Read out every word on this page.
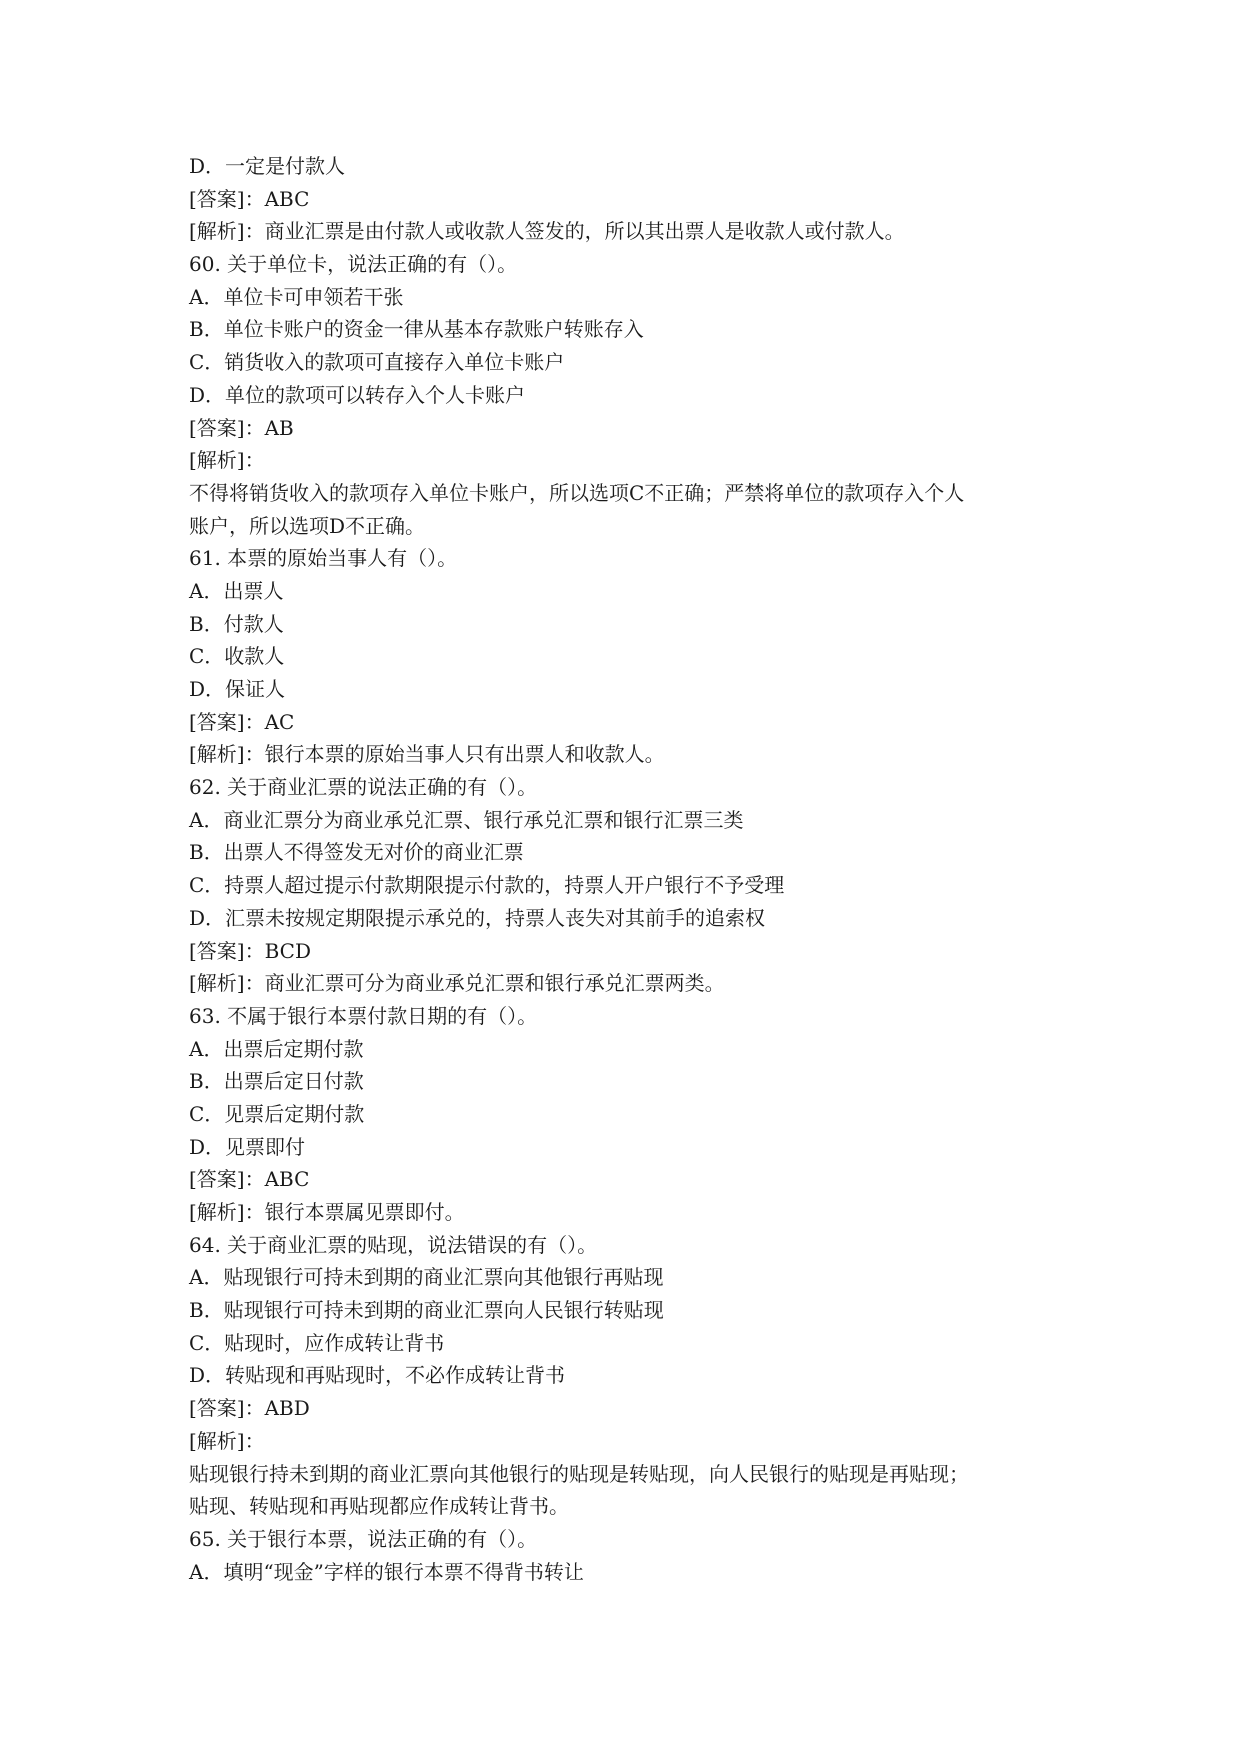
D．一定是付款人
[答案]：ABC
[解析]：商业汇票是由付款人或收款人签发的，所以其出票人是收款人或付款人。
60. 关于单位卡，说法正确的有（）。
A．单位卡可申领若干张
B．单位卡账户的资金一律从基本存款账户转账存入
C．销货收入的款项可直接存入单位卡账户
D．单位的款项可以转存入个人卡账户
[答案]：AB
[解析]：
不得将销货收入的款项存入单位卡账户，所以选项C不正确；严禁将单位的款项存入个人
账户，所以选项D不正确。
61. 本票的原始当事人有（）。
A．出票人
B．付款人
C．收款人
D．保证人
[答案]：AC
[解析]：银行本票的原始当事人只有出票人和收款人。
62. 关于商业汇票的说法正确的有（）。
A．商业汇票分为商业承兑汇票、银行承兑汇票和银行汇票三类
B．出票人不得签发无对价的商业汇票
C．持票人超过提示付款期限提示付款的，持票人开户银行不予受理
D．汇票未按规定期限提示承兑的，持票人丧失对其前手的追索权
[答案]：BCD
[解析]：商业汇票可分为商业承兑汇票和银行承兑汇票两类。
63. 不属于银行本票付款日期的有（）。
A．出票后定期付款
B．出票后定日付款
C．见票后定期付款
D．见票即付
[答案]：ABC
[解析]：银行本票属见票即付。
64. 关于商业汇票的贴现，说法错误的有（）。
A．贴现银行可持未到期的商业汇票向其他银行再贴现
B．贴现银行可持未到期的商业汇票向人民银行转贴现
C．贴现时，应作成转让背书
D．转贴现和再贴现时，不必作成转让背书
[答案]：ABD
[解析]：
贴现银行持未到期的商业汇票向其他银行的贴现是转贴现，向人民银行的贴现是再贴现；
贴现、转贴现和再贴现都应作成转让背书。
65. 关于银行本票，说法正确的有（）。
A．填明“现金”字样的银行本票不得背书转让
